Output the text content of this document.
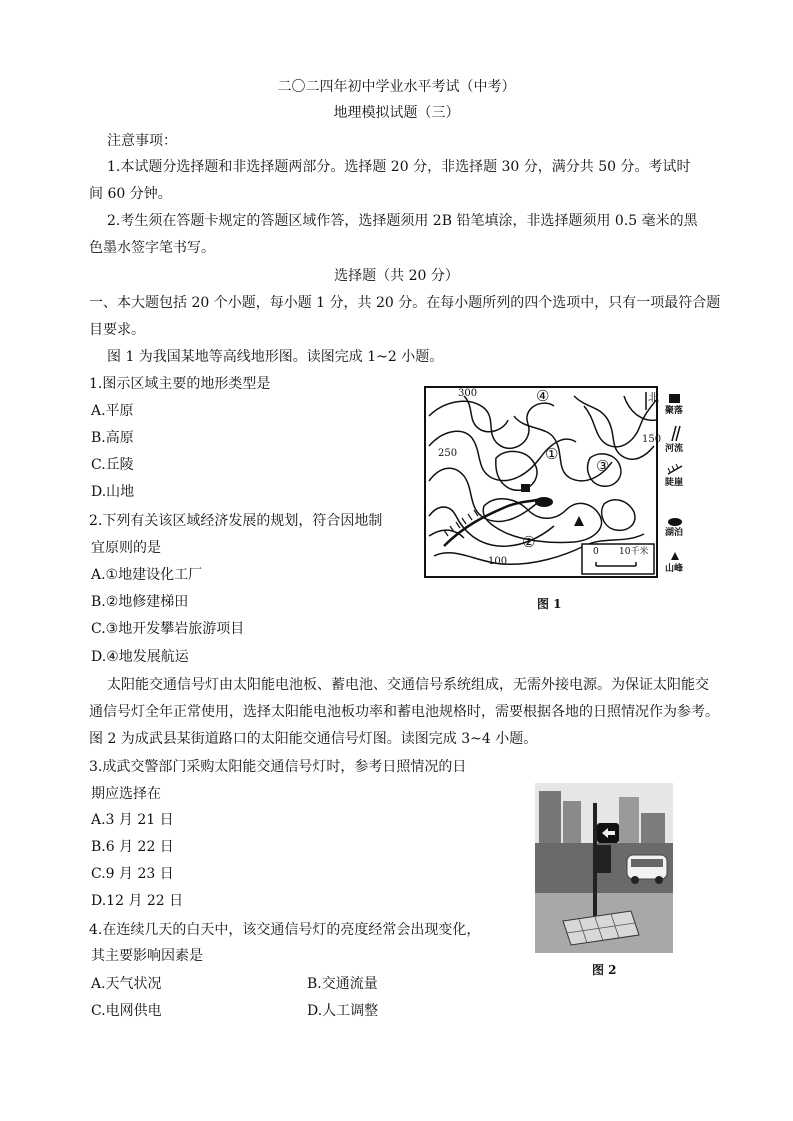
二〇二四年初中学业水平考试（中考）
地理模拟试题（三）
注意事项：
1.本试题分选择题和非选择题两部分。选择题 20 分，非选择题 30 分，满分共 50 分。考试时
间 60 分钟。
2.考生须在答题卡规定的答题区域作答，选择题须用 2B 铅笔填涂，非选择题须用 0.5 毫米的黑
色墨水签字笔书写。
选择题（共 20 分）
一、本大题包括 20 个小题，每小题 1 分，共 20 分。在每小题所列的四个选项中，只有一项最符合题
目要求。
图 1 为我国某地等高线地形图。读图完成 1~2 小题。
1.图示区域主要的地形类型是
A.平原
B.高原
C.丘陵
D.山地
2.下列有关该区域经济发展的规划，符合因地制
宜原则的是
A.①地建设化工厂
B.②地修建梯田
C.③地开发攀岩旅游项目
D.④地发展航运
300
250
150
100
①
②
③
④	北
0 10千米
聚落
河流
陡崖
湖泊
山峰
图 1
太阳能交通信号灯由太阳能电池板、蓄电池、交通信号系统组成，无需外接电源。为保证太阳能交
通信号灯全年正常使用，选择太阳能电池板功率和蓄电池规格时，需要根据各地的日照情况作为参考。
图 2 为成武县某街道路口的太阳能交通信号灯图。读图完成 3~4 小题。
3.成武交警部门采购太阳能交通信号灯时，参考日照情况的日
期应选择在
A.3 月 21 日
B.6 月 22 日
C.9 月 23 日
D.12 月 22 日
图 2
4.在连续几天的白天中，该交通信号灯的亮度经常会出现变化，
其主要影响因素是
A.天气状况	B.交通流量
C.电网供电	D.人工调整
